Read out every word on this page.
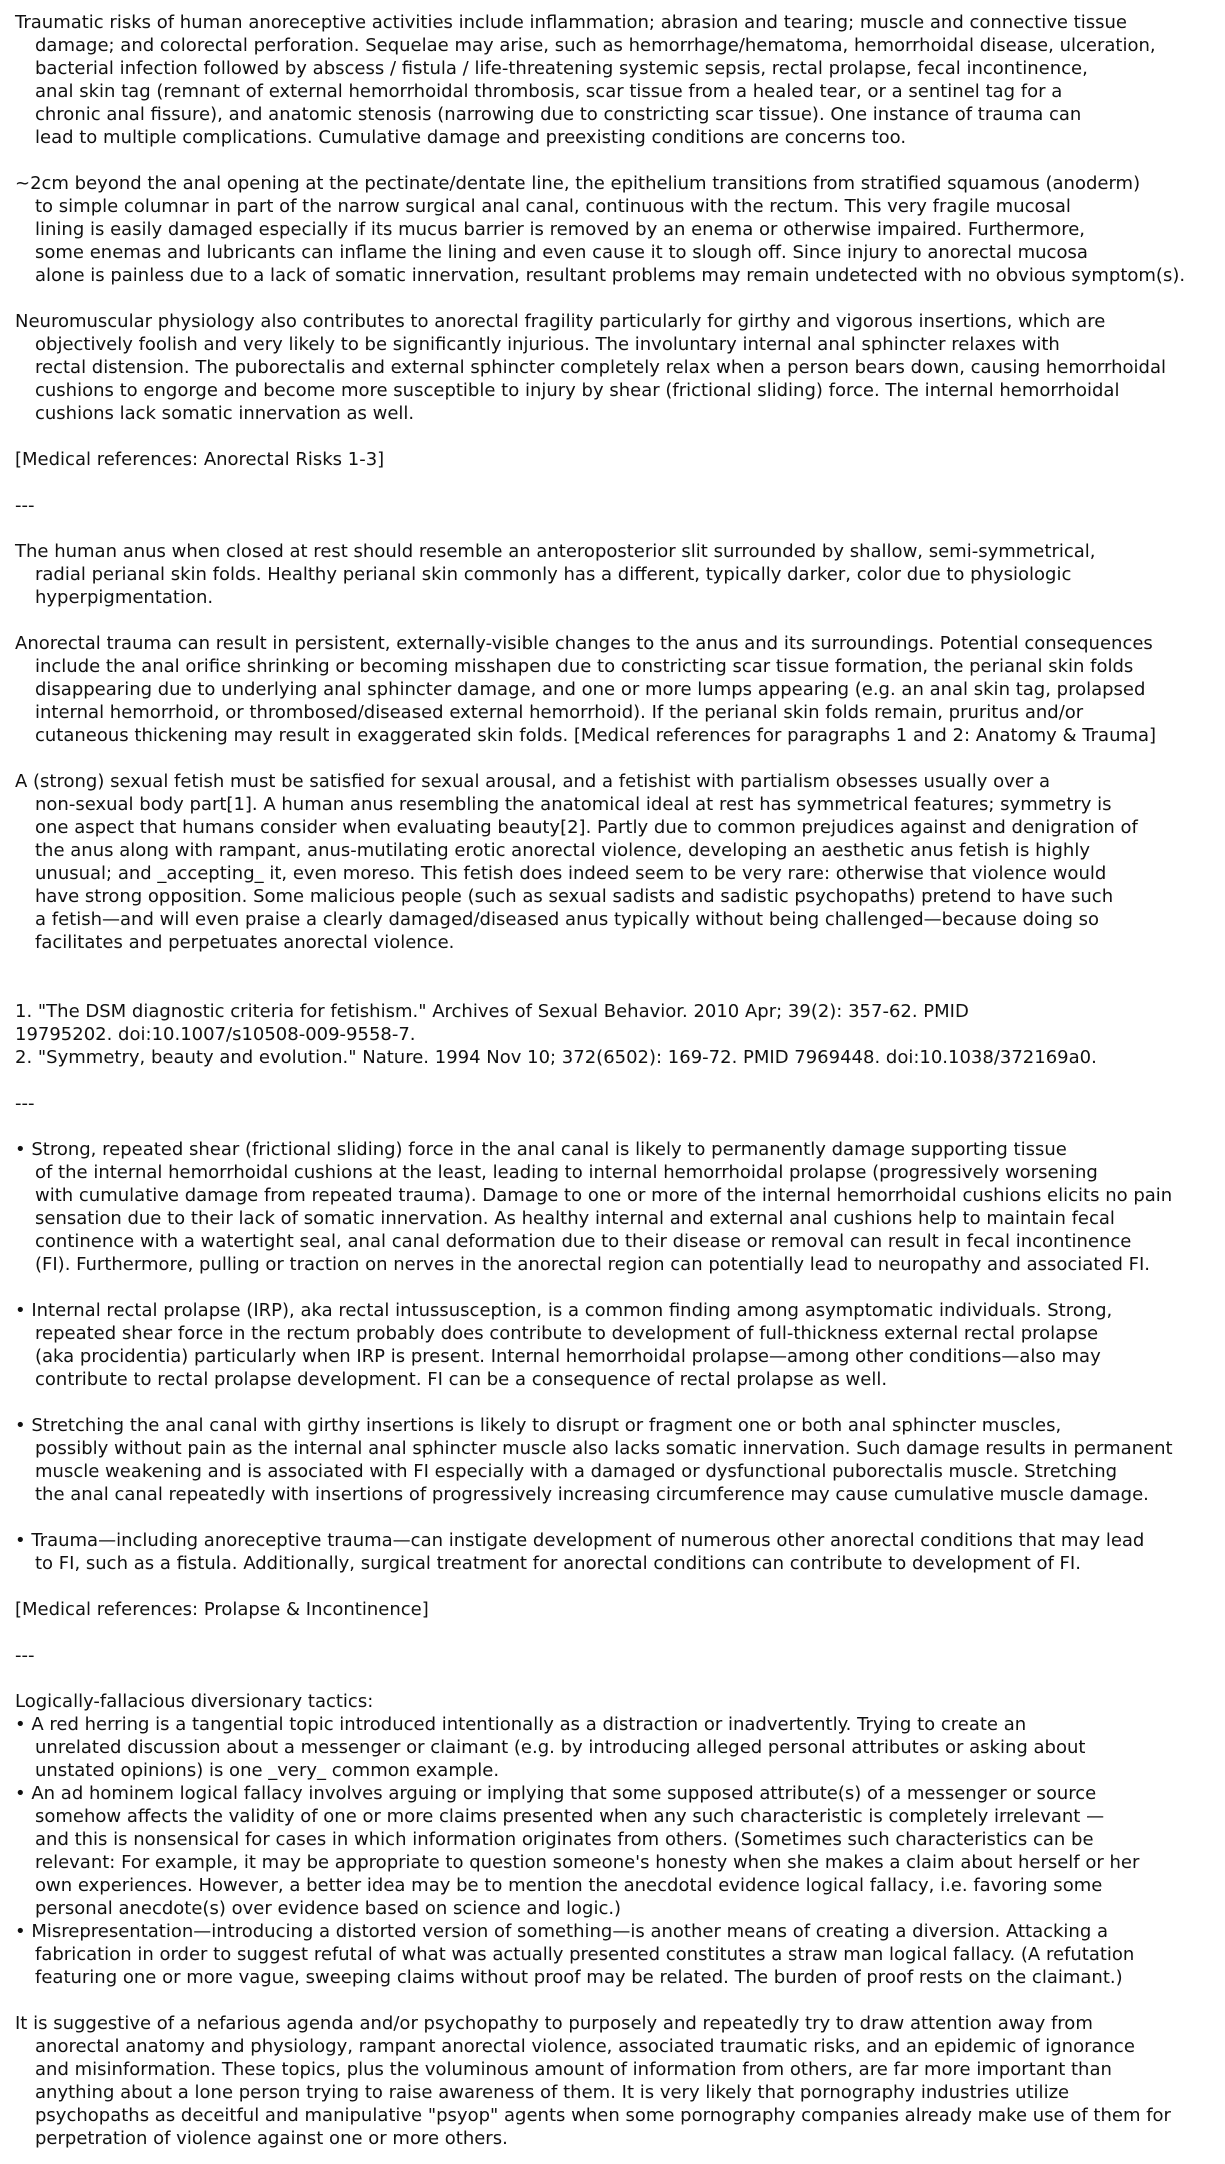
Traumatic risks of human anoreceptive activities include inflammation; abrasion and tearing; muscle and connective tissue
damage; and colorectal perforation. Sequelae may arise, such as hemorrhage/hematoma, hemorrhoidal disease, ulceration,
bacterial infection followed by abscess / fistula / life-threatening systemic sepsis, rectal prolapse, fecal incontinence,
anal skin tag (remnant of external hemorrhoidal thrombosis, scar tissue from a healed tear, or a sentinel tag for a
chronic anal fissure), and anatomic stenosis (narrowing due to constricting scar tissue). One instance of trauma can
lead to multiple complications. Cumulative damage and preexisting conditions are concerns too.
~2cm beyond the anal opening at the pectinate/dentate line, the epithelium transitions from stratified squamous (anoderm)
to simple columnar in part of the narrow surgical anal canal, continuous with the rectum. This very fragile mucosal
lining is easily damaged especially if its mucus barrier is removed by an enema or otherwise impaired. Furthermore,
some enemas and lubricants can inflame the lining and even cause it to slough off. Since injury to anorectal mucosa
alone is painless due to a lack of somatic innervation, resultant problems may remain undetected with no obvious symptom(s).
Neuromuscular physiology also contributes to anorectal fragility particularly for girthy and vigorous insertions, which are
objectively foolish and very likely to be significantly injurious. The involuntary internal anal sphincter relaxes with
rectal distension. The puborectalis and external sphincter completely relax when a person bears down, causing hemorrhoidal
cushions to engorge and become more susceptible to injury by shear (frictional sliding) force. The internal hemorrhoidal
cushions lack somatic innervation as well.
[Medical references: Anorectal Risks 1-3]
---
The human anus when closed at rest should resemble an anteroposterior slit surrounded by shallow, semi-symmetrical,
radial perianal skin folds. Healthy perianal skin commonly has a different, typically darker, color due to physiologic
hyperpigmentation.
Anorectal trauma can result in persistent, externally-visible changes to the anus and its surroundings. Potential consequences
include the anal orifice shrinking or becoming misshapen due to constricting scar tissue formation, the perianal skin folds
disappearing due to underlying anal sphincter damage, and one or more lumps appearing (e.g. an anal skin tag, prolapsed
internal hemorrhoid, or thrombosed/diseased external hemorrhoid). If the perianal skin folds remain, pruritus and/or
cutaneous thickening may result in exaggerated skin folds. [Medical references for paragraphs 1 and 2: Anatomy & Trauma]
A (strong) sexual fetish must be satisfied for sexual arousal, and a fetishist with partialism obsesses usually over a
non-sexual body part[1]. A human anus resembling the anatomical ideal at rest has symmetrical features; symmetry is
one aspect that humans consider when evaluating beauty[2]. Partly due to common prejudices against and denigration of
the anus along with rampant, anus-mutilating erotic anorectal violence, developing an aesthetic anus fetish is highly
unusual; and _accepting_ it, even moreso. This fetish does indeed seem to be very rare: otherwise that violence would
have strong opposition. Some malicious people (such as sexual sadists and sadistic psychopaths) pretend to have such
a fetish—and will even praise a clearly damaged/diseased anus typically without being challenged—because doing so
facilitates and perpetuates anorectal violence.
1. "The DSM diagnostic criteria for fetishism." Archives of Sexual Behavior. 2010 Apr; 39(2): 357-62. PMID
19795202. doi:10.1007/s10508-009-9558-7.
2. "Symmetry, beauty and evolution." Nature. 1994 Nov 10; 372(6502): 169-72. PMID 7969448. doi:10.1038/372169a0.
---
• Strong, repeated shear (frictional sliding) force in the anal canal is likely to permanently damage supporting tissue
of the internal hemorrhoidal cushions at the least, leading to internal hemorrhoidal prolapse (progressively worsening
with cumulative damage from repeated trauma). Damage to one or more of the internal hemorrhoidal cushions elicits no pain
sensation due to their lack of somatic innervation. As healthy internal and external anal cushions help to maintain fecal
continence with a watertight seal, anal canal deformation due to their disease or removal can result in fecal incontinence
(FI). Furthermore, pulling or traction on nerves in the anorectal region can potentially lead to neuropathy and associated FI.
• Internal rectal prolapse (IRP), aka rectal intussusception, is a common finding among asymptomatic individuals. Strong,
repeated shear force in the rectum probably does contribute to development of full-thickness external rectal prolapse
(aka procidentia) particularly when IRP is present. Internal hemorrhoidal prolapse—among other conditions—also may
contribute to rectal prolapse development. FI can be a consequence of rectal prolapse as well.
• Stretching the anal canal with girthy insertions is likely to disrupt or fragment one or both anal sphincter muscles,
possibly without pain as the internal anal sphincter muscle also lacks somatic innervation. Such damage results in permanent
muscle weakening and is associated with FI especially with a damaged or dysfunctional puborectalis muscle. Stretching
the anal canal repeatedly with insertions of progressively increasing circumference may cause cumulative muscle damage.
• Trauma—including anoreceptive trauma—can instigate development of numerous other anorectal conditions that may lead
to FI, such as a fistula. Additionally, surgical treatment for anorectal conditions can contribute to development of FI.
[Medical references: Prolapse & Incontinence]
---
Logically-fallacious diversionary tactics:
• A red herring is a tangential topic introduced intentionally as a distraction or inadvertently. Trying to create an
unrelated discussion about a messenger or claimant (e.g. by introducing alleged personal attributes or asking about
unstated opinions) is one _very_ common example.
• An ad hominem logical fallacy involves arguing or implying that some supposed attribute(s) of a messenger or source
somehow affects the validity of one or more claims presented when any such characteristic is completely irrelevant —
and this is nonsensical for cases in which information originates from others. (Sometimes such characteristics can be
relevant: For example, it may be appropriate to question someone's honesty when she makes a claim about herself or her
own experiences. However, a better idea may be to mention the anecdotal evidence logical fallacy, i.e. favoring some
personal anecdote(s) over evidence based on science and logic.)
• Misrepresentation—introducing a distorted version of something—is another means of creating a diversion. Attacking a
fabrication in order to suggest refutal of what was actually presented constitutes a straw man logical fallacy. (A refutation
featuring one or more vague, sweeping claims without proof may be related. The burden of proof rests on the claimant.)
It is suggestive of a nefarious agenda and/or psychopathy to purposely and repeatedly try to draw attention away from
anorectal anatomy and physiology, rampant anorectal violence, associated traumatic risks, and an epidemic of ignorance
and misinformation. These topics, plus the voluminous amount of information from others, are far more important than
anything about a lone person trying to raise awareness of them. It is very likely that pornography industries utilize
psychopaths as deceitful and manipulative "psyop" agents when some pornography companies already make use of them for
perpetration of violence against one or more others.
